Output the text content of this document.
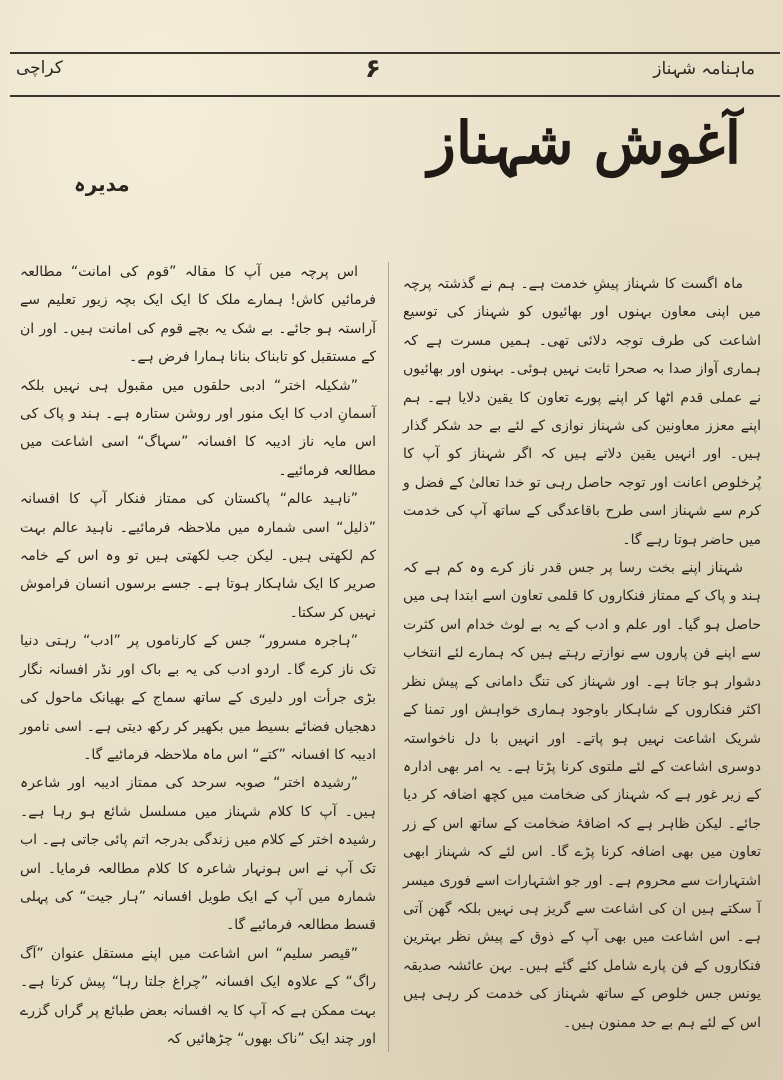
ماہنامہ شہناز
۶
کراچی
آغوش شہناز
مدیرہ

ماہ اگست کا شہناز پیشِ خدمت ہے۔ ہم نے گذشتہ پرچہ میں اپنی معاون بہنوں اور بھائیوں کو شہناز کی توسیع اشاعت کی طرف توجہ دلائی تھی۔ ہمیں مسرت ہے کہ ہماری آواز صدا بہ صحرا ثابت نہیں ہوئی۔ بہنوں اور بھائیوں نے عملی قدم اٹھا کر اپنے پورے تعاون کا یقین دلایا ہے۔ ہم اپنے معزز معاونین کی شہناز نوازی کے لئے بے حد شکر گذار ہیں۔ اور انہیں یقین دلاتے ہیں کہ اگر شہناز کو آپ کا پُرخلوص اعانت اور توجہ حاصل رہی تو خدا تعالیٰ کے فضل و کرم سے شہناز اسی طرح باقاعدگی کے ساتھ آپ کی خدمت میں حاضر ہوتا رہے گا۔

شہناز اپنے بخت رسا پر جس قدر ناز کرے وہ کم ہے کہ ہند و پاک کے ممتاز فنکاروں کا قلمی تعاون اسے ابتدا ہی میں حاصل ہو گیا۔ اور علم و ادب کے یہ بے لوث خدام اس کثرت سے اپنے فن پاروں سے نوازتے رہتے ہیں کہ ہمارے لئے انتخاب دشوار ہو جاتا ہے۔ اور شہناز کی تنگ دامانی کے پیش نظر اکثر فنکاروں کے شاہکار باوجود ہماری خواہش اور تمنا کے شریک اشاعت نہیں ہو پاتے۔ اور انہیں با دل ناخواستہ دوسری اشاعت کے لئے ملتوی کرنا پڑتا ہے۔ یہ امر بھی ادارہ کے زیر غور ہے کہ شہناز کی ضخامت میں کچھ اضافہ کر دیا جائے۔ لیکن ظاہر ہے کہ اضافۂ ضخامت کے ساتھ اس کے زر تعاون میں بھی اضافہ کرنا پڑے گا۔ اس لئے کہ شہناز ابھی اشتہارات سے محروم ہے۔ اور جو اشتہارات اسے فوری میسر آ سکتے ہیں ان کی اشاعت سے گریز ہی نہیں بلکہ گھن آتی ہے۔ اس اشاعت میں بھی آپ کے ذوق کے پیش نظر بہترین فنکاروں کے فن پارے شامل کئے گئے ہیں۔ بہن عائشہ صدیقہ یونس جس خلوص کے ساتھ شہناز کی خدمت کر رہی ہیں اس کے لئے ہم بے حد ممنون ہیں۔

اس پرچہ میں آپ کا مقالہ ”قوم کی امانت“ مطالعہ فرمائیں کاش! ہمارے ملک کا ایک ایک بچہ زیور تعلیم سے آراستہ ہو جائے۔ بے شک یہ بچے قوم کی امانت ہیں۔ اور ان کے مستقبل کو تابناک بنانا ہمارا فرض ہے۔

”شکیلہ اختر“ ادبی حلقوں میں مقبول ہی نہیں بلکہ آسمانِ ادب کا ایک منور اور روشن ستارہ ہے۔ ہند و پاک کی اس مایہ ناز ادیبہ کا افسانہ ”سہاگ“ اسی اشاعت میں مطالعہ فرمائیے۔

”ناہید عالم“ پاکستان کی ممتاز فنکار آپ کا افسانہ ”ذلیل“ اسی شمارہ میں ملاحظہ فرمائیے۔ ناہید عالم بہت کم لکھتی ہیں۔ لیکن جب لکھتی ہیں تو وہ اس کے خامہ صریر کا ایک شاہکار ہوتا ہے۔ جسے برسوں انسان فراموش نہیں کر سکتا۔

”ہاجرہ مسرور“ جس کے کارناموں پر ”ادب“ رہتی دنیا تک ناز کرے گا۔ اردو ادب کی یہ بے باک اور نڈر افسانہ نگار بڑی جرأت اور دلیری کے ساتھ سماج کے بھیانک ماحول کی دھجیاں فضائے بسیط میں بکھیر کر رکھ دیتی ہے۔ اسی نامور ادیبہ کا افسانہ ”کتے“ اس ماہ ملاحظہ فرمائیے گا۔

”رشیدہ اختر“ صوبہ سرحد کی ممتاز ادیبہ اور شاعرہ ہیں۔ آپ کا کلام شہناز میں مسلسل شائع ہو رہا ہے۔ رشیدہ اختر کے کلام میں زندگی بدرجہ اتم پائی جاتی ہے۔ اب تک آپ نے اس ہونہار شاعرہ کا کلام مطالعہ فرمایا۔ اس شمارہ میں آپ کے ایک طویل افسانہ ”ہار جیت“ کی پہلی قسط مطالعہ فرمائیے گا۔

”قیصر سلیم“ اس اشاعت میں اپنے مستقل عنوان ”آگ راگ“ کے علاوہ ایک افسانہ ”چراغ جلتا رہا“ پیش کرتا ہے۔ بہت ممکن ہے کہ آپ کا یہ افسانہ بعض طبائع پر گراں گزرے اور چند ایک ”ناک بھوں“ چڑھائیں کہ
